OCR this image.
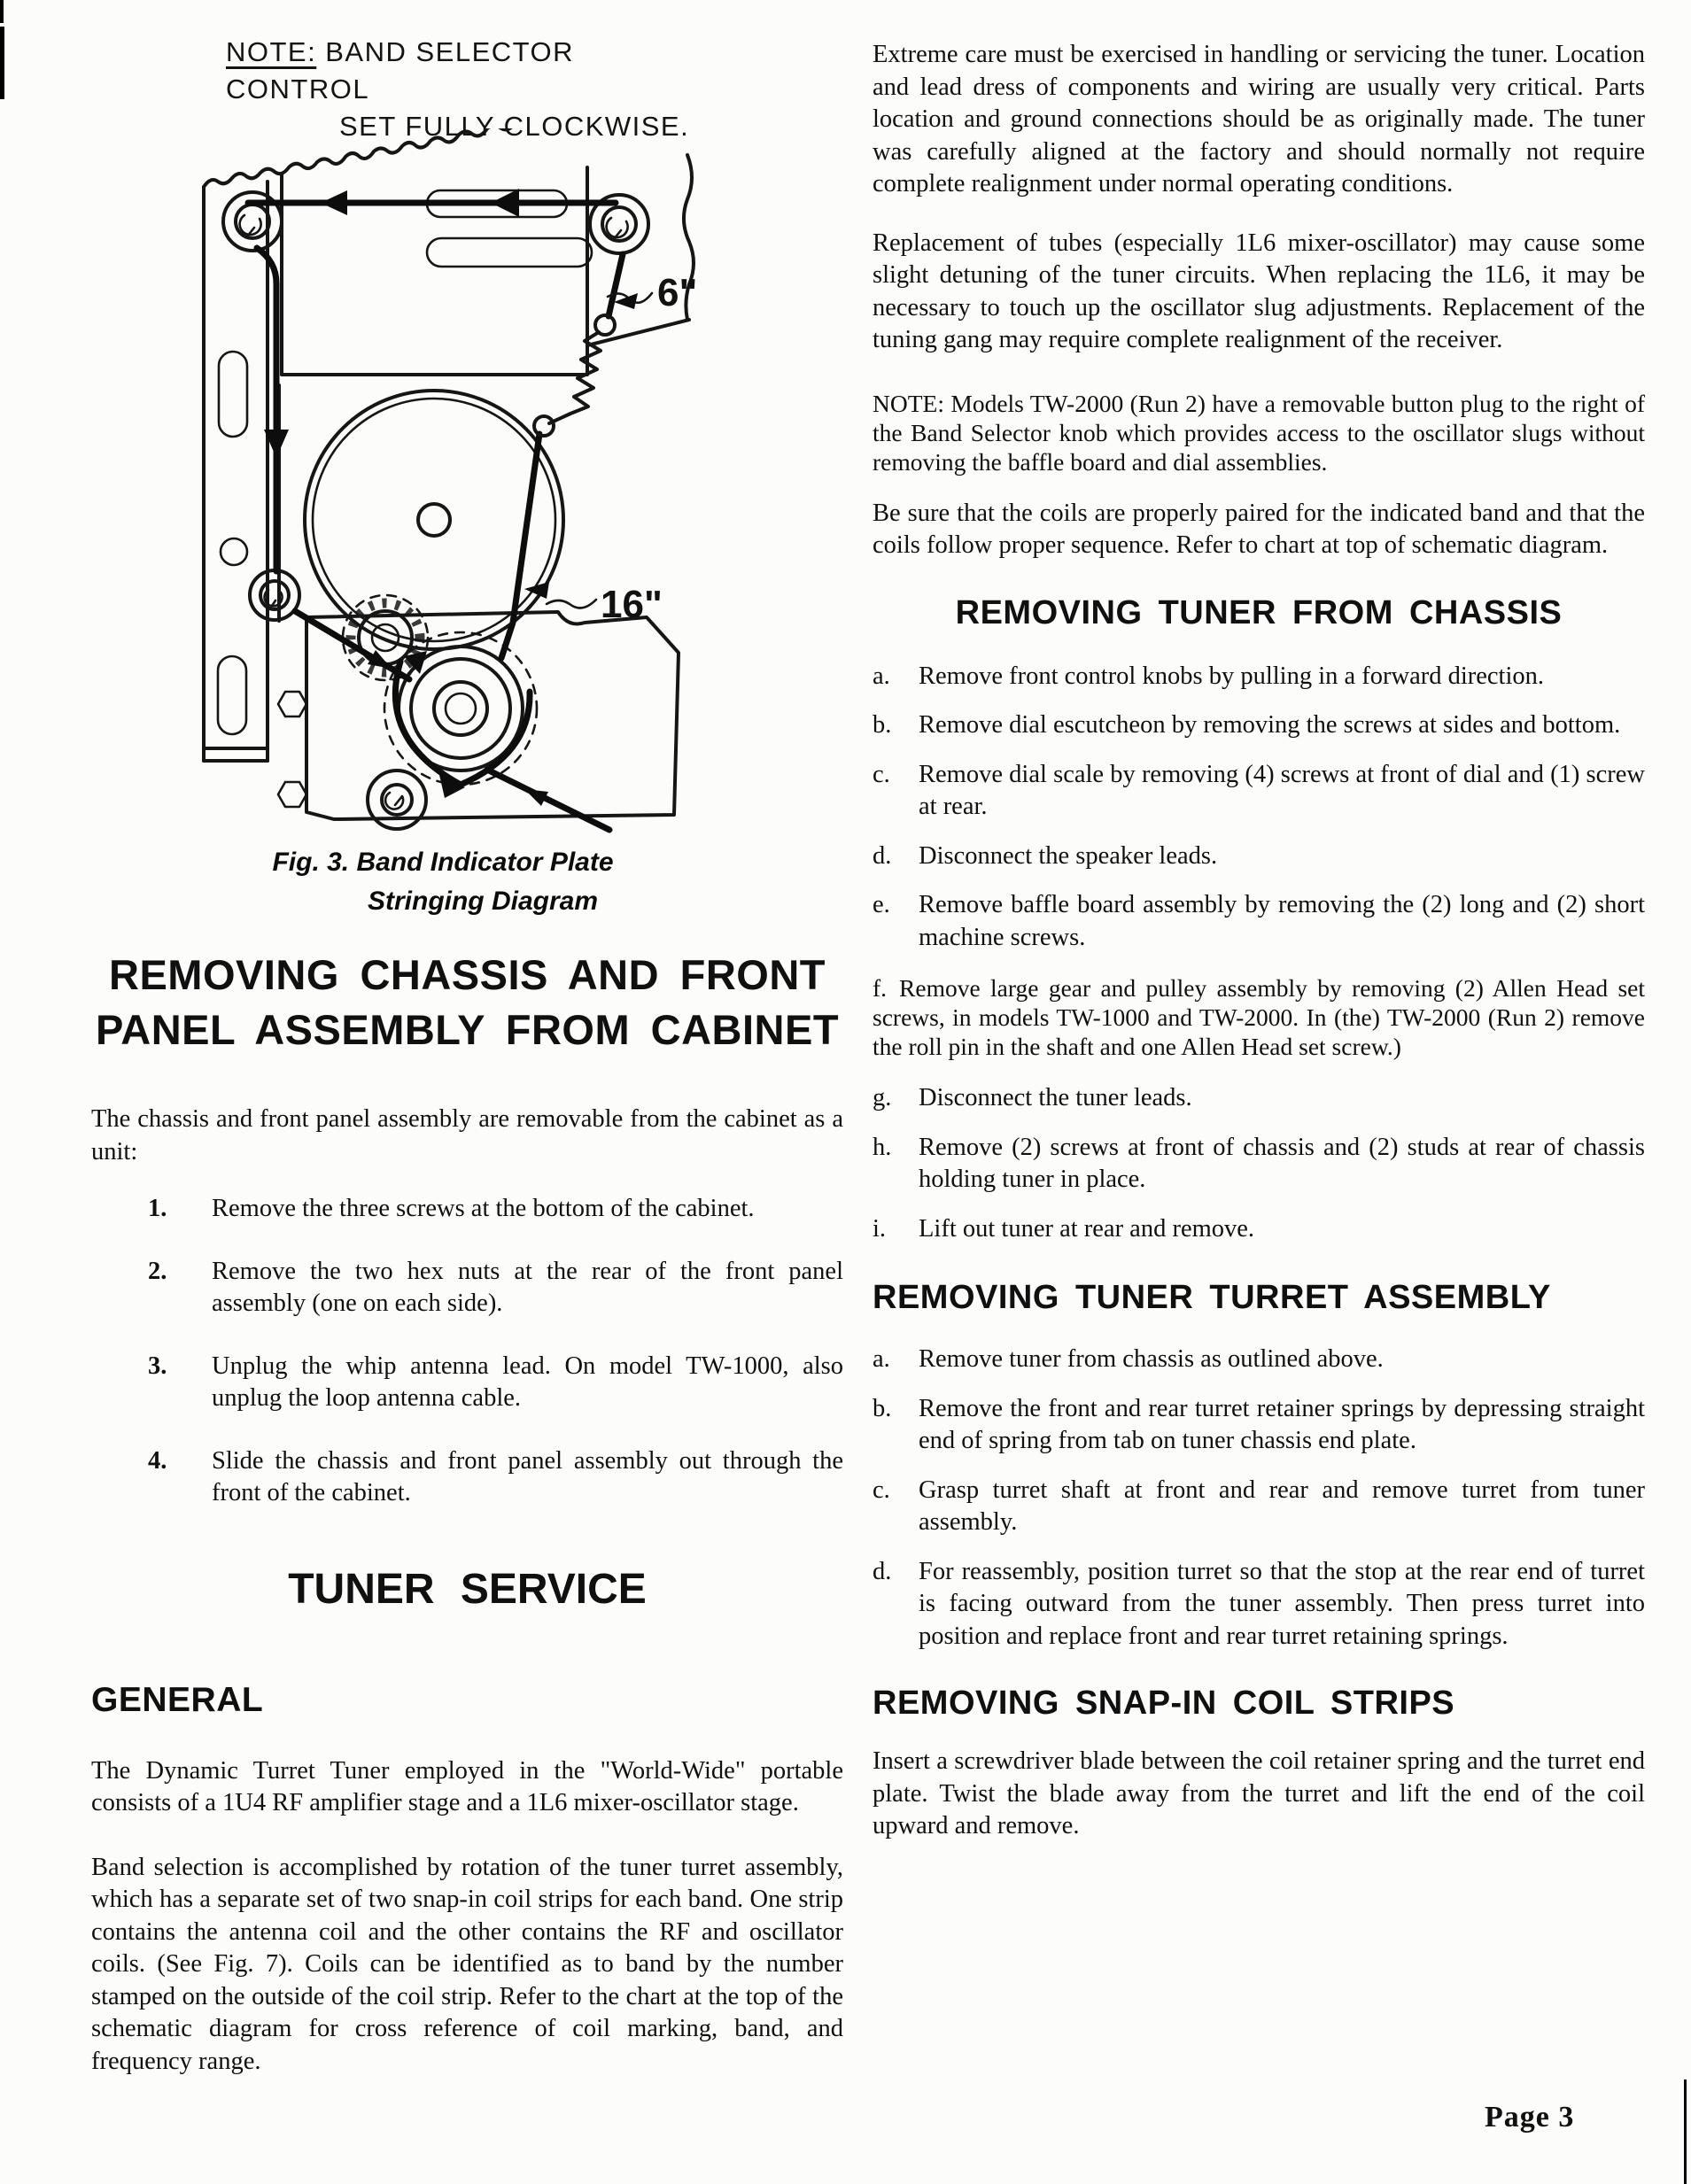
NOTE: BAND SELECTOR CONTROL
SET FULLY CLOCKWISE.
6"
16"
Fig. 3. Band Indicator Plate
Stringing Diagram
REMOVING CHASSIS AND FRONT
PANEL ASSEMBLY FROM CABINET

The chassis and front panel assembly are removable from the cabinet as a unit:

1.	Remove the three screws at the bottom of the cabinet.

2.	Remove the two hex nuts at the rear of the front panel assembly (one on each side).

3.	Unplug the whip antenna lead. On model TW-1000, also unplug the loop antenna cable.

4.	Slide the chassis and front panel assembly out through the front of the cabinet.

TUNER SERVICE
GENERAL

The Dynamic Turret Tuner employed in the "World-Wide" portable consists of a 1U4 RF amplifier stage and a 1L6 mixer-oscillator stage.

Band selection is accomplished by rotation of the tuner turret assembly, which has a separate set of two snap-in coil strips for each band. One strip contains the antenna coil and the other contains the RF and oscillator coils. (See Fig. 7). Coils can be identified as to band by the number stamped on the outside of the coil strip. Refer to the chart at the top of the schematic diagram for cross reference of coil marking, band, and frequency range.

Extreme care must be exercised in handling or servicing the tuner. Location and lead dress of components and wiring are usually very critical. Parts location and ground connections should be as originally made. The tuner was carefully aligned at the factory and should normally not require complete realignment under normal operating conditions.

Replacement of tubes (especially 1L6 mixer-oscillator) may cause some slight detuning of the tuner circuits. When replacing the 1L6, it may be necessary to touch up the oscillator slug adjustments. Replacement of the tuning gang may require complete realignment of the receiver.

NOTE: Models TW-2000 (Run 2) have a removable button plug to the right of the Band Selector knob which provides access to the oscillator slugs without removing the baffle board and dial assemblies.

Be sure that the coils are properly paired for the indicated band and that the coils follow proper sequence. Refer to chart at top of schematic diagram.

REMOVING TUNER FROM CHASSIS
a.	Remove front control knobs by pulling in a forward direction.

b.	Remove dial escutcheon by removing the screws at sides and bottom.

c.	Remove dial scale by removing (4) screws at front of dial and (1) screw at rear.

d.	Disconnect the speaker leads.

e.	Remove baffle board assembly by removing the (2) long and (2) short machine screws.

f. Remove large gear and pulley assembly by removing (2) Allen Head set screws, in models TW-1000 and TW-2000. In (the) TW-2000 (Run 2) remove the roll pin in the shaft and one Allen Head set screw.)

g.	Disconnect the tuner leads.

h.	Remove (2) screws at front of chassis and (2) studs at rear of chassis holding tuner in place.

i.	Lift out tuner at rear and remove.

REMOVING TUNER TURRET ASSEMBLY
a.	Remove tuner from chassis as outlined above.

b.	Remove the front and rear turret retainer springs by depressing straight end of spring from tab on tuner chassis end plate.

c.	Grasp turret shaft at front and rear and remove turret from tuner assembly.

d.	For reassembly, position turret so that the stop at the rear end of turret is facing outward from the tuner assembly. Then press turret into position and replace front and rear turret retaining springs.

REMOVING SNAP-IN COIL STRIPS

Insert a screwdriver blade between the coil retainer spring and the turret end plate. Twist the blade away from the turret and lift the end of the coil upward and remove.

Page 3
